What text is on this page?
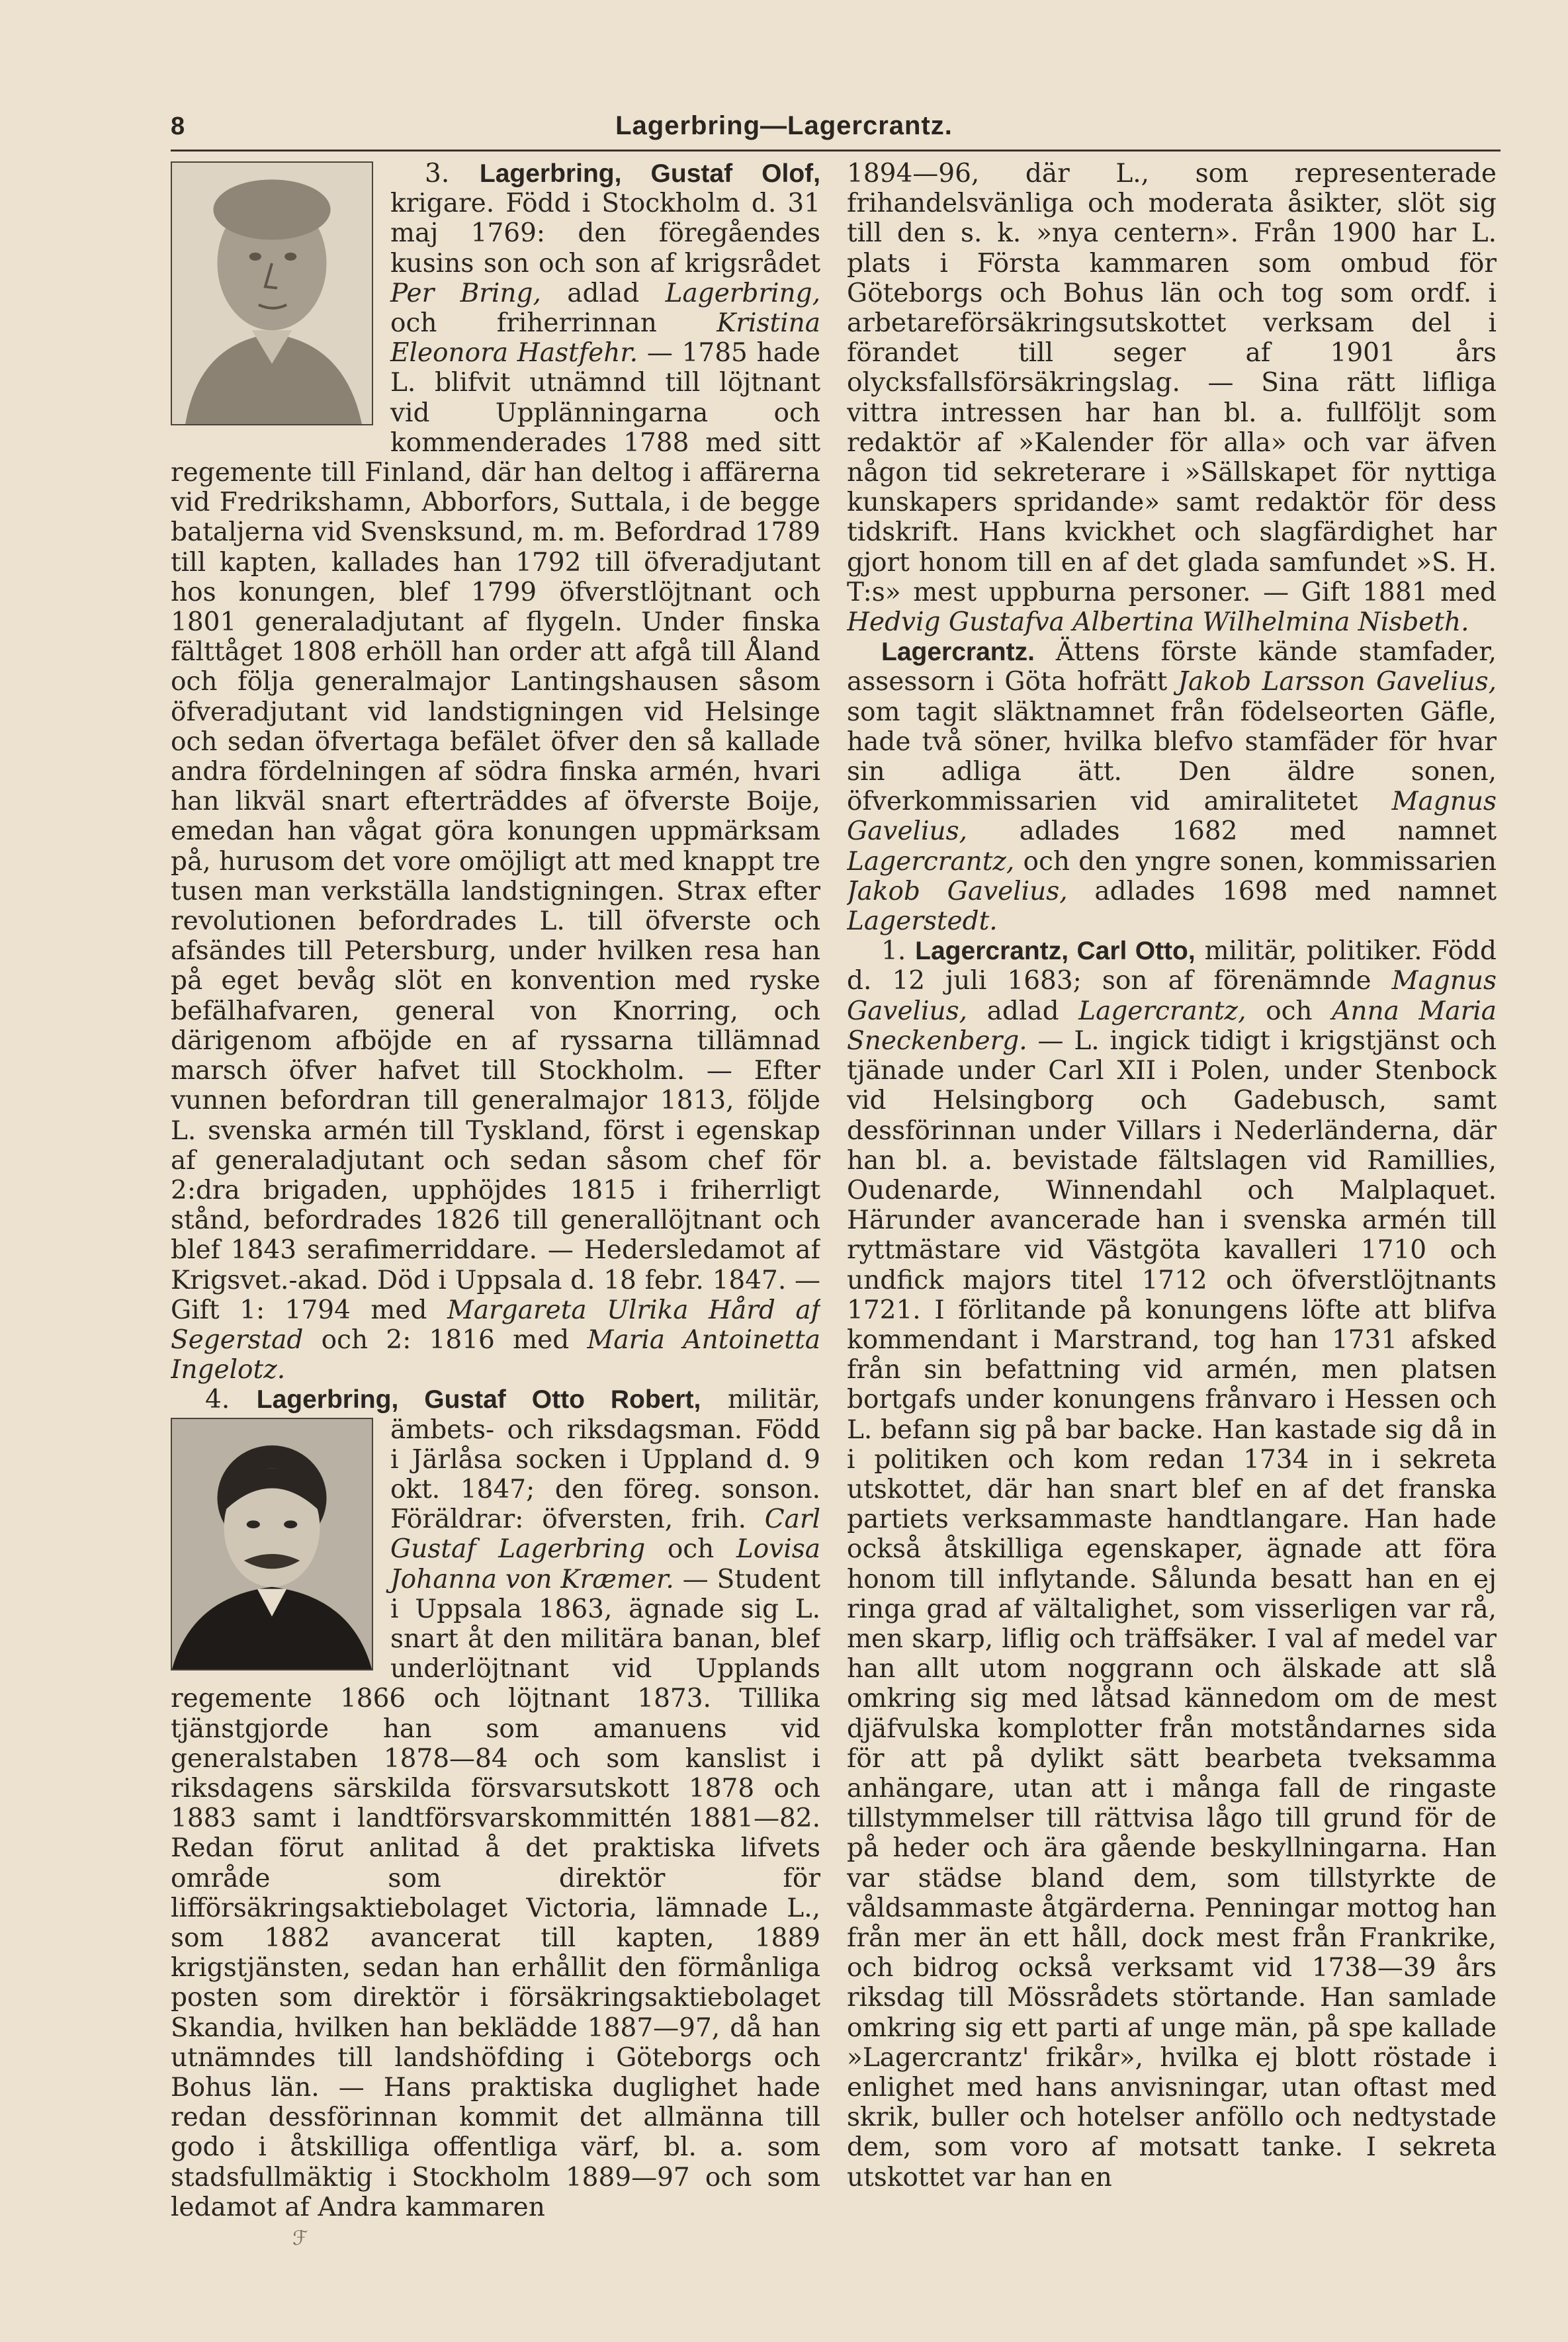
8	Lagerbring—Lagercrantz.

3. Lagerbring, Gustaf Olof, krigare. Född i Stockholm d. 31 maj 1769: den föregåendes kusins son och son af krigsrådet Per Bring, adlad Lagerbring, och friherrinnan Kristina Eleonora Hastfehr. — 1785 hade L. blifvit utnämnd till löjtnant vid Upplänningarna och kommenderades 1788 med sitt regemente till Finland, där han deltog i affärerna vid Fredrikshamn, Abborfors, Suttala, i de begge bataljerna vid Svensksund, m. m. Befordrad 1789 till kapten, kallades han 1792 till öfveradjutant hos konungen, blef 1799 öfverstlöjtnant och 1801 generaladjutant af flygeln. Under finska fälttåget 1808 erhöll han order att afgå till Åland och följa generalmajor Lantingshausen såsom öfveradjutant vid landstigningen vid Helsinge och sedan öfvertaga befälet öfver den så kallade andra fördelningen af södra finska armén, hvari han likväl snart efterträddes af öfverste Boije, emedan han vågat göra konungen uppmärksam på, hurusom det vore omöjligt att med knappt tre tusen man verkställa landstigningen. Strax efter revolutionen befordrades L. till öfverste och afsändes till Petersburg, under hvilken resa han på eget bevåg slöt en konvention med ryske befälhafvaren, general von Knorring, och därigenom afböjde en af ryssarna tillämnad marsch öfver hafvet till Stockholm. — Efter vunnen befordran till generalmajor 1813, följde L. svenska armén till Tyskland, först i egenskap af generaladjutant och sedan såsom chef för 2:dra brigaden, upphöjdes 1815 i friherrligt stånd, befordrades 1826 till generallöjtnant och blef 1843 serafimerriddare. — Hedersledamot af Krigsvet.-akad. Död i Uppsala d. 18 febr. 1847. — Gift 1: 1794 med Margareta Ulrika Hård af Segerstad och 2: 1816 med Maria Antoinetta Ingelotz.

4. Lagerbring, Gustaf Otto Robert,
militär, ämbets- och riksdagsman. Född i Järlåsa socken i Uppland d. 9 okt. 1847; den föreg. sonson. Föräldrar: öfversten, frih. Carl Gustaf Lagerbring och Lovisa Johanna von Kræmer. — Student i Uppsala 1863, ägnade sig L. snart åt den militära banan, blef underlöjtnant vid Upplands regemente 1866 och löjtnant 1873. Tillika tjänstgjorde han som amanuens vid generalstaben 1878—84 och som kanslist i riksdagens särskilda försvarsutskott 1878 och 1883 samt i landtförsvarskommittén 1881—82. Redan förut anlitad å det praktiska lifvets område som direktör för lifförsäkringsaktiebolaget Victoria, lämnade L., som 1882 avancerat till kapten, 1889 krigstjänsten, sedan han erhållit den förmånliga posten som direktör i försäkringsaktiebolaget Skandia, hvilken han beklädde 1887—97, då han utnämndes till landshöfding i Göteborgs och Bohus län. — Hans praktiska duglighet hade redan dessförinnan kommit det allmänna till godo i åtskilliga offentliga värf, bl. a. som stadsfullmäktig i Stockholm 1889—97 och som ledamot af Andra kammaren

1894—96, där L., som representerade frihandelsvänliga och moderata åsikter, slöt sig till den s. k. »nya centern». Från 1900 har L. plats i Första kammaren som ombud för Göteborgs och Bohus län och tog som ordf. i arbetareförsäkringsutskottet verksam del i förandet till seger af 1901 års olycksfallsförsäkringslag. — Sina rätt lifliga vittra intressen har han bl. a. fullföljt som redaktör af »Kalender för alla» och var äfven någon tid sekreterare i »Sällskapet för nyttiga kunskapers spridande» samt redaktör för dess tidskrift. Hans kvickhet och slagfärdighet har gjort honom till en af det glada samfundet »S. H. T:s» mest uppburna personer. — Gift 1881 med Hedvig Gustafva Albertina Wilhelmina Nisbeth.

Lagercrantz. Ättens förste kände stamfader, assessorn i Göta hofrätt Jakob Larsson Gavelius, som tagit släktnamnet från födelseorten Gäfle, hade två söner, hvilka blefvo stamfäder för hvar sin adliga ätt. Den äldre sonen, öfverkommissarien vid amiralitetet Magnus Gavelius, adlades 1682 med namnet Lagercrantz, och den yngre sonen, kommissarien Jakob Gavelius, adlades 1698 med namnet Lagerstedt.

1. Lagercrantz, Carl Otto, militär, politiker. Född d. 12 juli 1683; son af förenämnde Magnus Gavelius, adlad Lagercrantz, och Anna Maria Sneckenberg. — L. ingick tidigt i krigstjänst och tjänade under Carl XII i Polen, under Stenbock vid Helsingborg och Gadebusch, samt dessförinnan under Villars i Nederländerna, där han bl. a. bevistade fältslagen vid Ramillies, Oudenarde, Winnendahl och Malplaquet. Härunder avancerade han i svenska armén till ryttmästare vid Västgöta kavalleri 1710 och undfick majors titel 1712 och öfverstlöjtnants 1721. I förlitande på konungens löfte att blifva kommendant i Marstrand, tog han 1731 afsked från sin befattning vid armén, men platsen bortgafs under konungens frånvaro i Hessen och L. befann sig på bar backe. Han kastade sig då in i politiken och kom redan 1734 in i sekreta utskottet, där han snart blef en af det franska partiets verksammaste handtlangare. Han hade också åtskilliga egenskaper, ägnade att föra honom till inflytande. Sålunda besatt han en ej ringa grad af vältalighet, som visserligen var rå, men skarp, liflig och träffsäker. I val af medel var han allt utom noggrann och älskade att slå omkring sig med låtsad kännedom om de mest djäfvulska komplotter från motståndarnes sida för att på dylikt sätt bearbeta tveksamma anhängare, utan att i många fall de ringaste tillstymmelser till rättvisa lågo till grund för de på heder och ära gående beskyllningarna. Han var städse bland dem, som tillstyrkte de våldsammaste åtgärderna. Penningar mottog han från mer än ett håll, dock mest från Frankrike, och bidrog också verksamt vid 1738—39 års riksdag till Mössrådets störtande. Han samlade omkring sig ett parti af unge män, på spe kallade »Lagercrantz' frikår», hvilka ej blott röstade i enlighet med hans anvisningar, utan oftast med skrik, buller och hotelser anföllo och nedtystade dem, som voro af motsatt tanke. I sekreta utskottet var han en

ℱ
